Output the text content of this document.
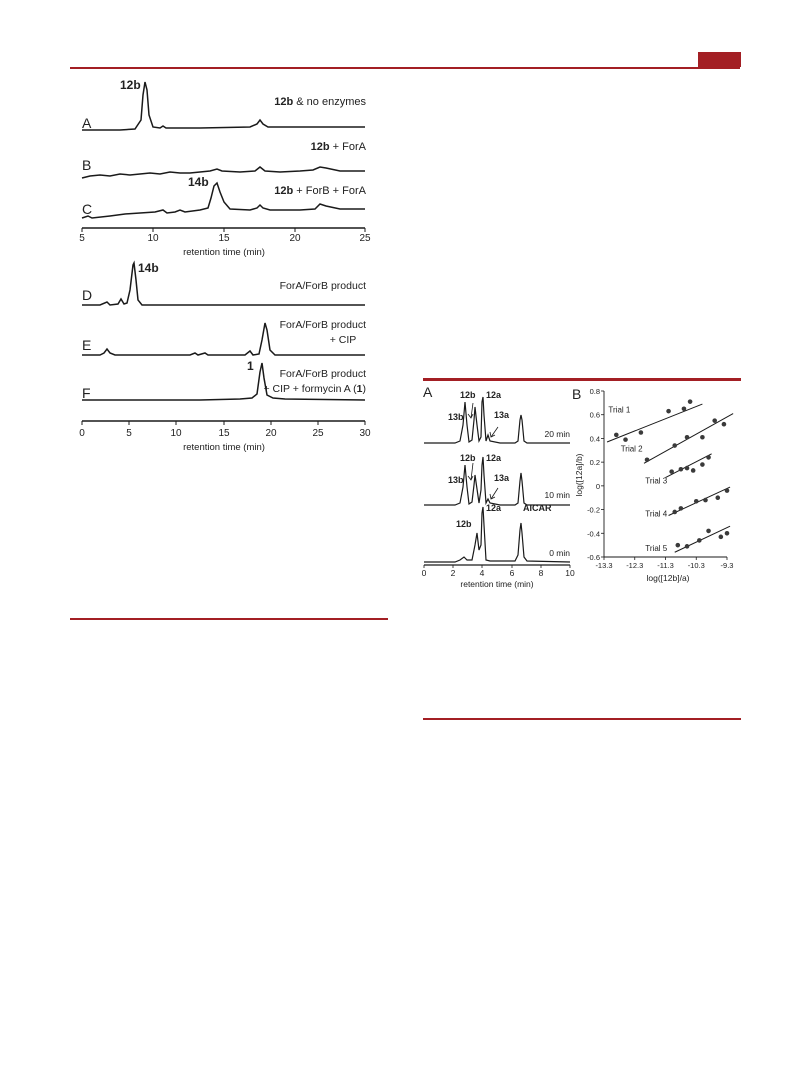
5	10	15	20	25
retention time (min)
0	5	10	15	20	25	30
retention time (min)
A
B
C
D
E
F
12b
14b
14b
1
12b & no enzymes
12b + ForA
12b + ForB + ForA
ForA/ForB product
ForA/ForB product
+ CIP
ForA/ForB product
+ CIP + formycin A (1)	A	12b 12a
13b	13a
12b 12a
13b	13a
12b
12a AICAR
20 min
10 min
0 min
0	2	4	6	8	10
retention time (min)
B 0.8
0.6
0.4
0.2
0
-0.2
-0.4
-0.6
-13.3 -12.3 -11.3 -10.3 -9.3
Trial 1
Trial 2
Trial 3
Trial 4
Trial 5
log([12b]/a)
log([12a]/b)
